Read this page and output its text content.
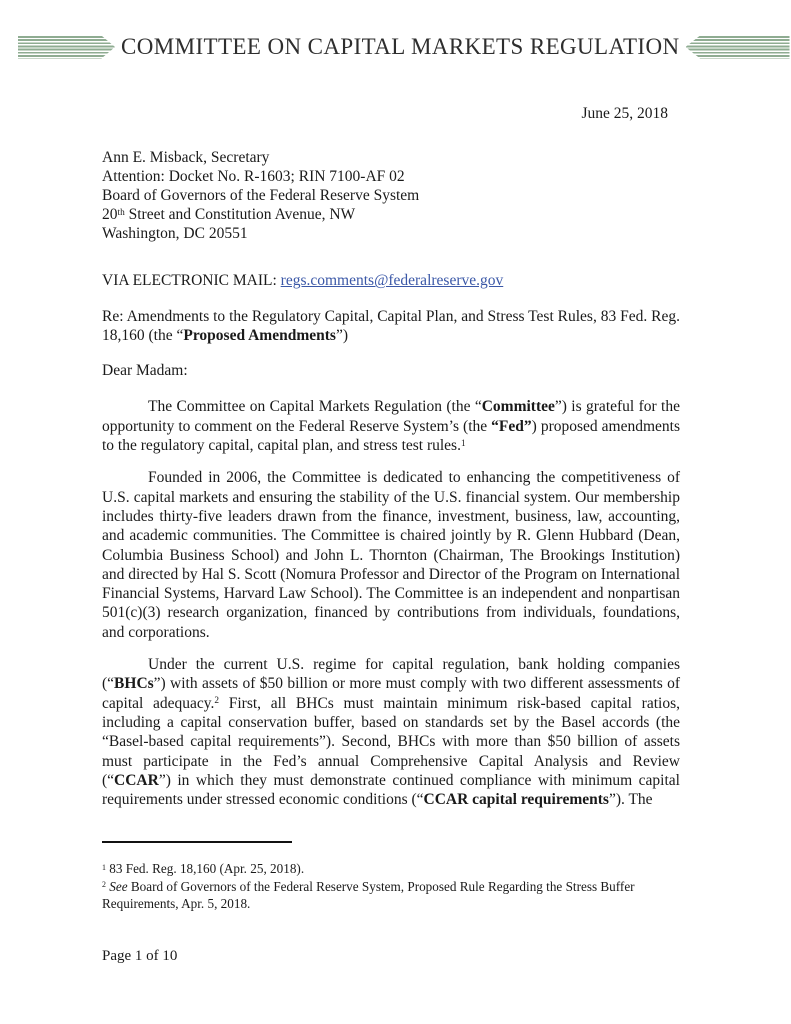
COMMITTEE ON CAPITAL MARKETS REGULATION
June 25, 2018
Ann E. Misback, Secretary
Attention: Docket No. R-1603; RIN 7100-AF 02
Board of Governors of the Federal Reserve System
20th Street and Constitution Avenue, NW
Washington, DC 20551
VIA ELECTRONIC MAIL: regs.comments@federalreserve.gov
Re: Amendments to the Regulatory Capital, Capital Plan, and Stress Test Rules, 83 Fed. Reg. 18,160 (the “Proposed Amendments”)
Dear Madam:
The Committee on Capital Markets Regulation (the “Committee”) is grateful for the opportunity to comment on the Federal Reserve System’s (the “Fed”) proposed amendments to the regulatory capital, capital plan, and stress test rules.$^1$
Founded in 2006, the Committee is dedicated to enhancing the competitiveness of U.S. capital markets and ensuring the stability of the U.S. financial system. Our membership includes thirty-five leaders drawn from the finance, investment, business, law, accounting, and academic communities. The Committee is chaired jointly by R. Glenn Hubbard (Dean, Columbia Business School) and John L. Thornton (Chairman, The Brookings Institution) and directed by Hal S. Scott (Nomura Professor and Director of the Program on International Financial Systems, Harvard Law School). The Committee is an independent and nonpartisan 501(c)(3) research organization, financed by contributions from individuals, foundations, and corporations.
Under the current U.S. regime for capital regulation, bank holding companies (“BHCs”) with assets of $50 billion or more must comply with two different assessments of capital adequacy.$^2$ First, all BHCs must maintain minimum risk-based capital ratios, including a capital conservation buffer, based on standards set by the Basel accords (the “Basel-based capital requirements”). Second, BHCs with more than $50 billion of assets must participate in the Fed’s annual Comprehensive Capital Analysis and Review (“CCAR”) in which they must demonstrate continued compliance with minimum capital requirements under stressed economic conditions (“CCAR capital requirements”). The
$^1$ 83 Fed. Reg. 18,160 (Apr. 25, 2018).
$^2$ See Board of Governors of the Federal Reserve System, Proposed Rule Regarding the Stress Buffer Requirements, Apr. 5, 2018.
Page 1 of 10
